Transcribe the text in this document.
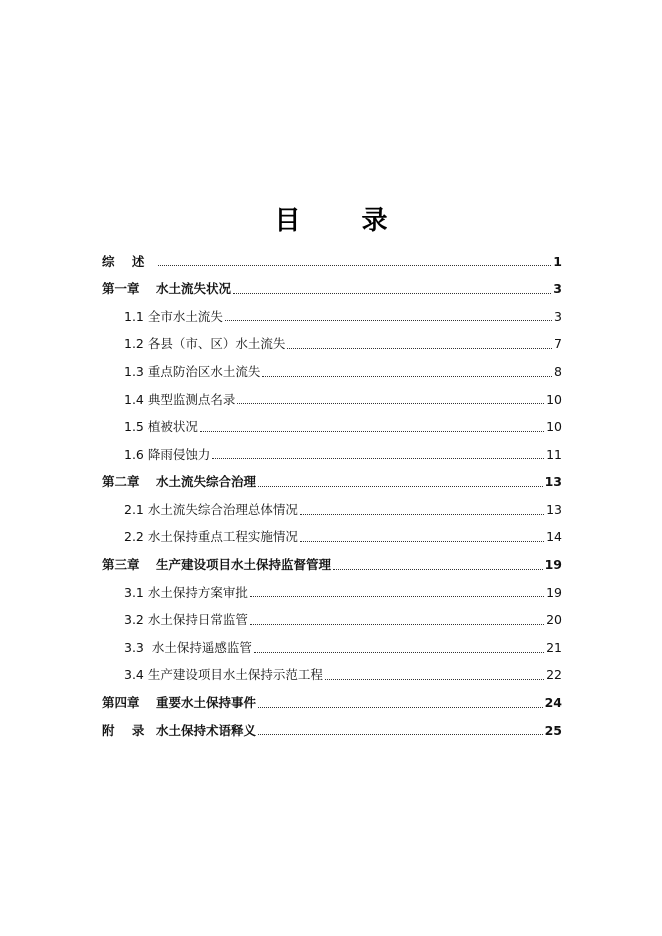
目 录
综    述	1
第一章	水土流失状况	3
1.1 全市水土流失	3
1.2 各县（市、区）水土流失	7
1.3 重点防治区水土流失	8
1.4 典型监测点名录	10
1.5 植被状况	10
1.6 降雨侵蚀力	11
第二章	水土流失综合治理	13
2.1 水土流失综合治理总体情况	13
2.2 水土保持重点工程实施情况	14
第三章	生产建设项目水土保持监督管理	19
3.1 水土保持方案审批	19
3.2 水土保持日常监管	20
3.3  水土保持遥感监管	21
3.4 生产建设项目水土保持示范工程	22
第四章	重要水土保持事件	24
附    录 水土保持术语释义	25
